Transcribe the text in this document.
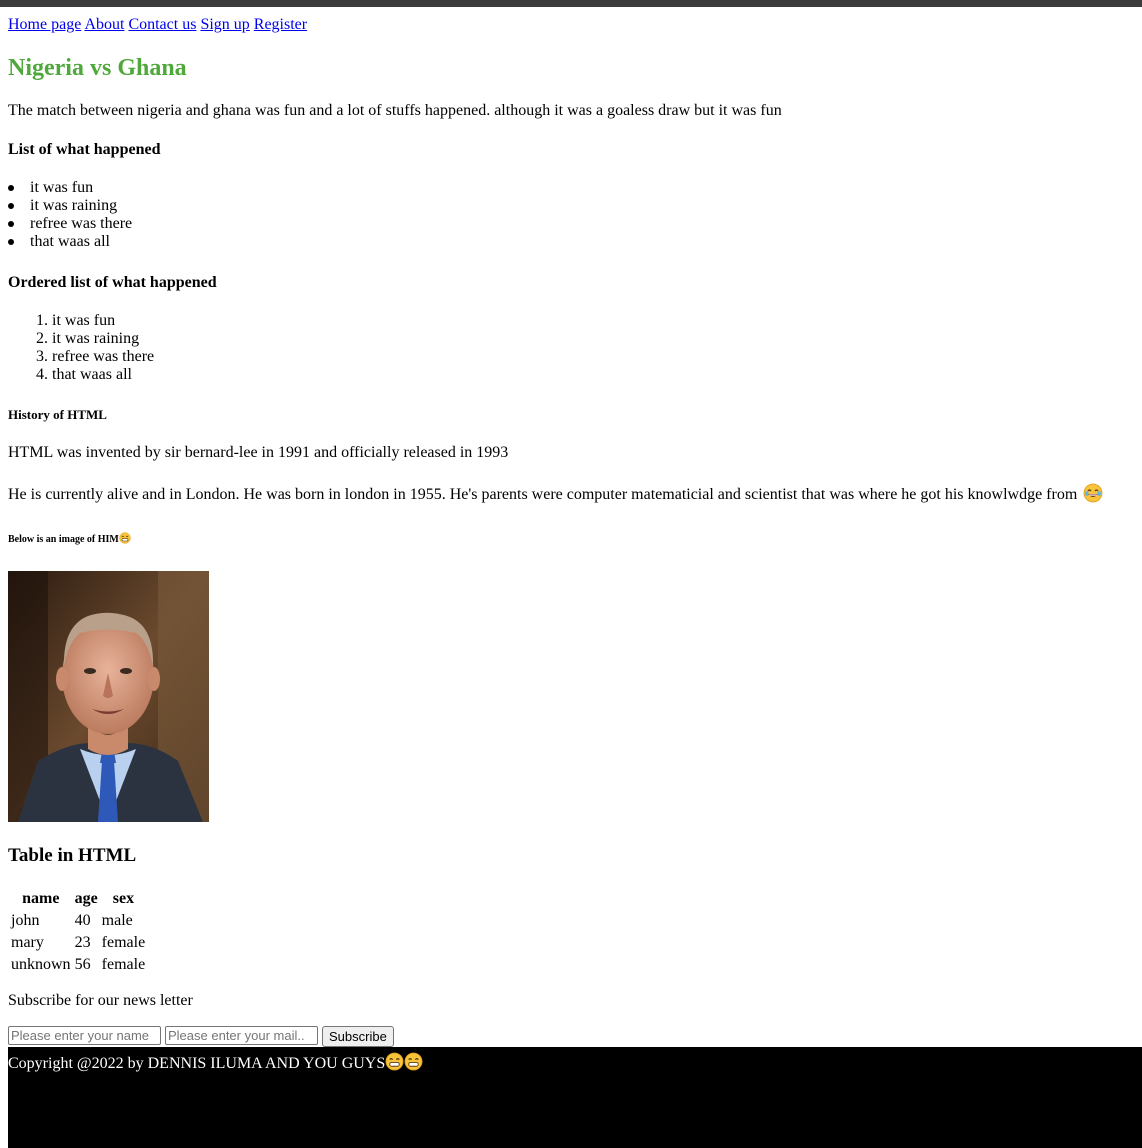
Home page About Contact us Sign up Register
Nigeria vs Ghana

The match between nigeria and ghana was fun and a lot of stuffs happened. although it was a goaless draw but it was fun

List of what happened
it was fun
it was raining
refree was there
that waas all
Ordered list of what happened
1. it was fun
2. it was raining
3. refree was there
4. that waas all
History of HTML

HTML was invented by sir bernard-lee in 1991 and officially released in 1993

He is currently alive and in London. He was born in london in 1955. He's parents were computer matematicial and scientist that was where he got his knowlwdge from

Below is an image of HIM
Table in HTML
name	age	sex
john	40	male
mary	23	female
unknown	56	female

Subscribe for our news letter

Please enter your name
Please enter your mail..
Subscribe
Copyright @2022 by DENNIS ILUMA AND YOU GUYS
